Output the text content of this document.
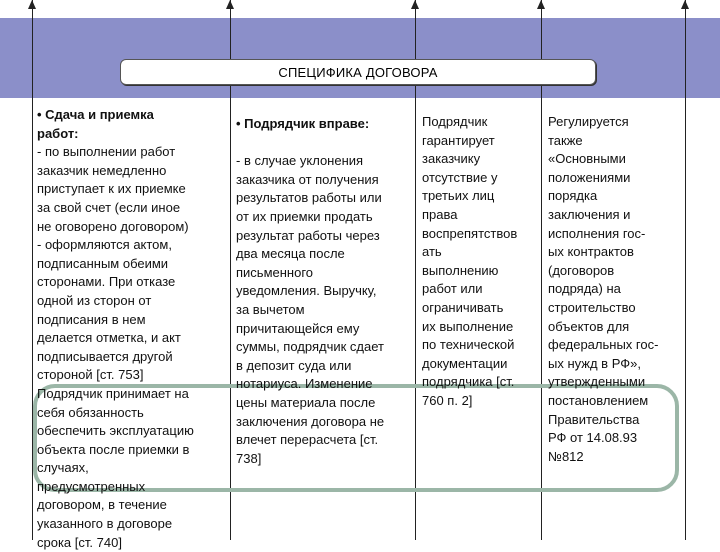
СПЕЦИФИКА ДОГОВОРА
• Сдача и приемка
работ:
- по выполнении работ
заказчик немедленно
приступает к их приемке
за свой счет (если иное
не оговорено договором)
- оформляются актом,
подписанным обеими
сторонами. При отказе
одной из сторон от
подписания в нем
делается отметка, и акт
подписывается другой
стороной [ст. 753]
Подрядчик принимает на
себя обязанность
обеспечить эксплуатацию
объекта после приемки в
случаях,
предусмотренных
договором, в течение
указанного в договоре
срока [ст. 740]
• Подрядчик вправе:

- в случае уклонения
заказчика от получения
результатов работы или
от их приемки продать
результат работы через
два месяца после
письменного
уведомления. Выручку,
за вычетом
причитающейся ему
суммы, подрядчик сдает
в депозит суда или
нотариуса. Изменение
цены материала после
заключения договора не
влечет перерасчета [ст.
738]
Подрядчик
гарантирует
заказчику
отсутствие у
третьих лиц
права
воспрепятствов
ать
выполнению
работ или
ограничивать
их выполнение
по технической
документации
подрядчика [ст.
760 п. 2]
Регулируется
также
«Основными
положениями
порядка
заключения и
исполнения гос-
ых контрактов
(договоров
подряда) на
строительство
объектов для
федеральных гос-
ых нужд в РФ»,
утвержденными
постановлением
Правительства
РФ от 14.08.93
№812
